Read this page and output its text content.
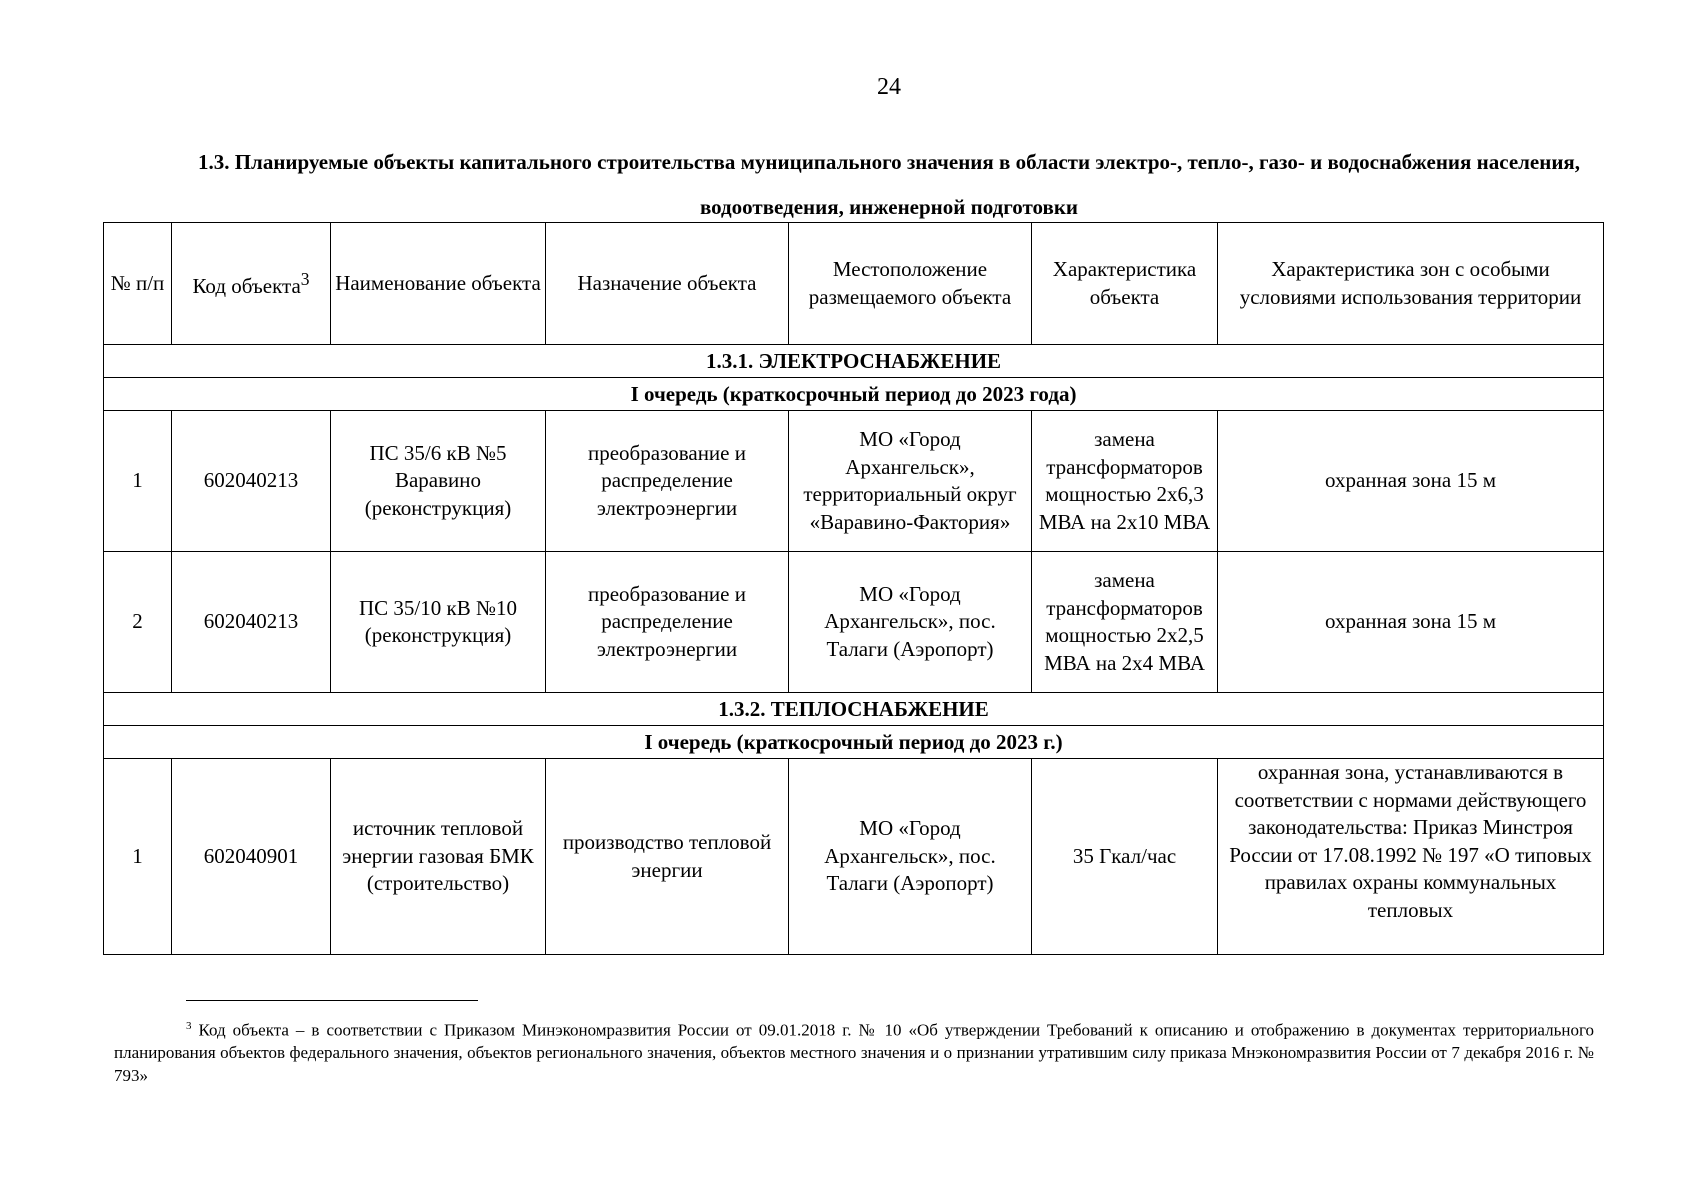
24
1.3. Планируемые объекты капитального строительства муниципального значения в области электро-, тепло-, газо- и водоснабжения населения, водоотведения, инженерной подготовки
№ п/п	Код объекта$^3$	Наименование объекта	Назначение объекта	Местоположение размещаемого объекта	Характеристика объекта	Характеристика зон с особыми условиями использования территории
1.3.1. ЭЛЕКТРОСНАБЖЕНИЕ						
I очередь (краткосрочный период до 2023 года)						
1	602040213	ПС 35/6 кВ №5 Варавино (реконструкция)	преобразование и распределение электроэнергии	МО «Город Архангельск», территориальный округ «Варавино-Фактория»	замена трансформаторов мощностью 2х6,3 МВА на 2х10 МВА	охранная зона 15 м
2	602040213	ПС 35/10 кВ №10 (реконструкция)	преобразование и распределение электроэнергии	МО «Город Архангельск», пос. Талаги (Аэропорт)	замена трансформаторов мощностью 2х2,5 МВА на 2х4 МВА	охранная зона 15 м
1.3.2. ТЕПЛОСНАБЖЕНИЕ						
I очередь (краткосрочный период до 2023 г.)						
1	602040901	источник тепловой энергии газовая БМК (строительство)	производство тепловой энергии	МО «Город Архангельск», пос. Талаги (Аэропорт)	35 Гкал/час	охранная зона, устанавливаются в соответствии с нормами действующего законодательства: Приказ Минстроя России от 17.08.1992 № 197 «О типовых правилах охраны коммунальных тепловых
$^3$ Код объекта – в соответствии с Приказом Минэкономразвития России от 09.01.2018 г. № 10 «Об утверждении Требований к описанию и отображению в документах территориального планирования объектов федерального значения, объектов регионального значения, объектов местного значения и о признании утратившим силу приказа Мнэкономразвития России от 7 декабря 2016 г. № 793»
